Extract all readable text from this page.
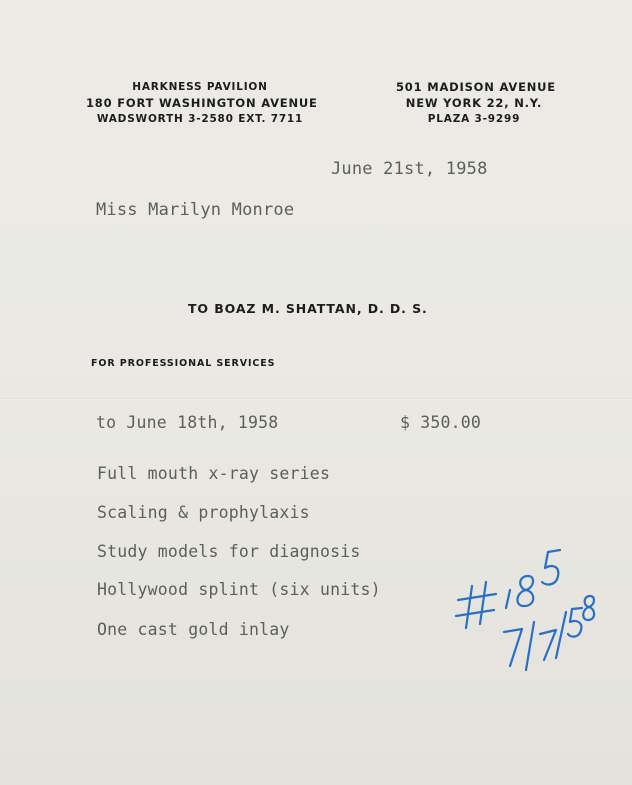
HARKNESS PAVILION
180 FORT WASHINGTON AVENUE
WADSWORTH 3-2580 EXT. 7711
501 MADISON AVENUE
NEW YORK 22, N.Y.
PLAZA 3-9299
June 21st, 1958
Miss Marilyn Monroe
TO BOAZ M. SHATTAN, D. D. S.
FOR PROFESSIONAL SERVICES
to June 18th, 1958	$ 350.00
Full mouth x-ray series
Scaling & prophylaxis
Study models for diagnosis
Hollywood splint (six units)
One cast gold inlay
